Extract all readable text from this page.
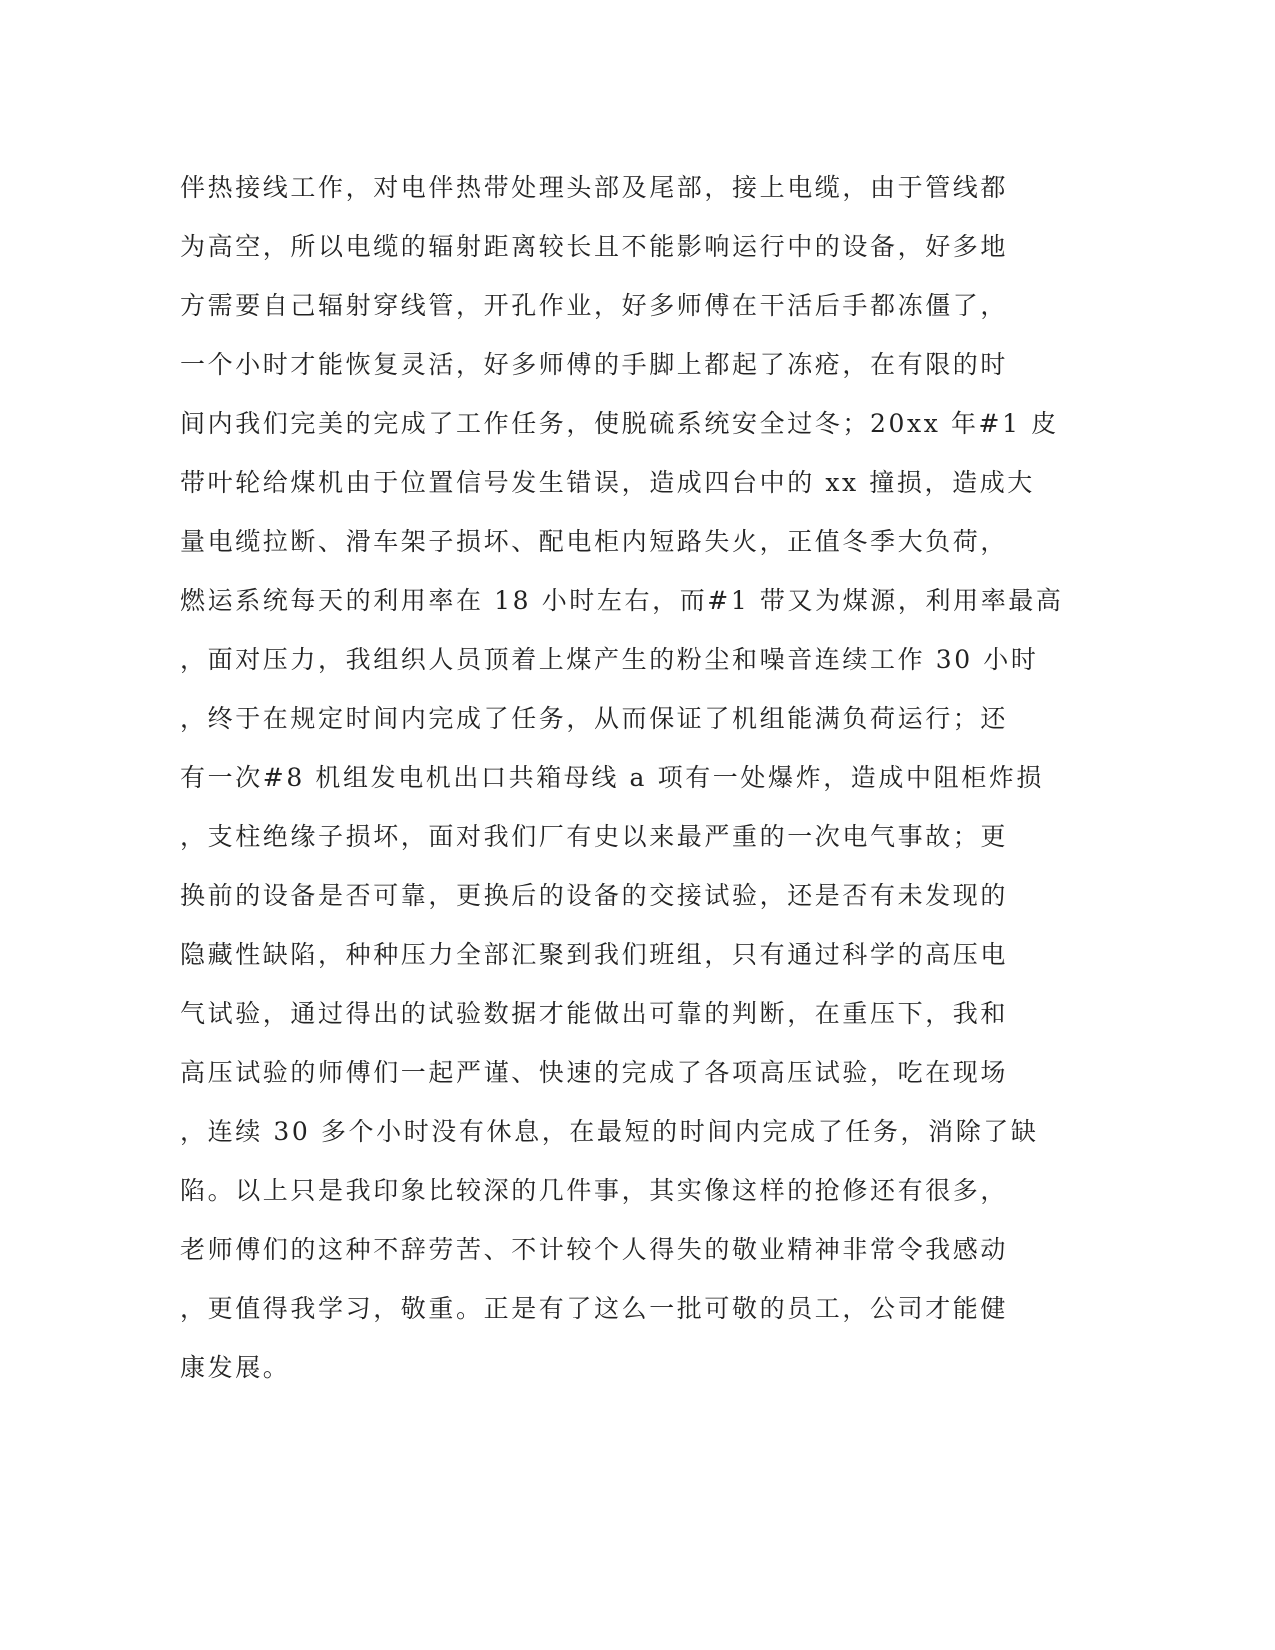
伴热接线工作，对电伴热带处理头部及尾部，接上电缆，由于管线都
为高空，所以电缆的辐射距离较长且不能影响运行中的设备，好多地
方需要自己辐射穿线管，开孔作业，好多师傅在干活后手都冻僵了，
一个小时才能恢复灵活，好多师傅的手脚上都起了冻疮，在有限的时
间内我们完美的完成了工作任务，使脱硫系统安全过冬；20xx 年#1 皮
带叶轮给煤机由于位置信号发生错误，造成四台中的 xx 撞损，造成大
量电缆拉断、滑车架子损坏、配电柜内短路失火，正值冬季大负荷，
燃运系统每天的利用率在 18 小时左右，而#1 带又为煤源，利用率最高
，面对压力，我组织人员顶着上煤产生的粉尘和噪音连续工作 30 小时
，终于在规定时间内完成了任务，从而保证了机组能满负荷运行；还
有一次#8 机组发电机出口共箱母线 a 项有一处爆炸，造成中阻柜炸损
，支柱绝缘子损坏，面对我们厂有史以来最严重的一次电气事故；更
换前的设备是否可靠，更换后的设备的交接试验，还是否有未发现的
隐藏性缺陷，种种压力全部汇聚到我们班组，只有通过科学的高压电
气试验，通过得出的试验数据才能做出可靠的判断，在重压下，我和
高压试验的师傅们一起严谨、快速的完成了各项高压试验，吃在现场
，连续 30 多个小时没有休息，在最短的时间内完成了任务，消除了缺
陷。以上只是我印象比较深的几件事，其实像这样的抢修还有很多，
老师傅们的这种不辞劳苦、不计较个人得失的敬业精神非常令我感动
，更值得我学习，敬重。正是有了这么一批可敬的员工，公司才能健
康发展。
